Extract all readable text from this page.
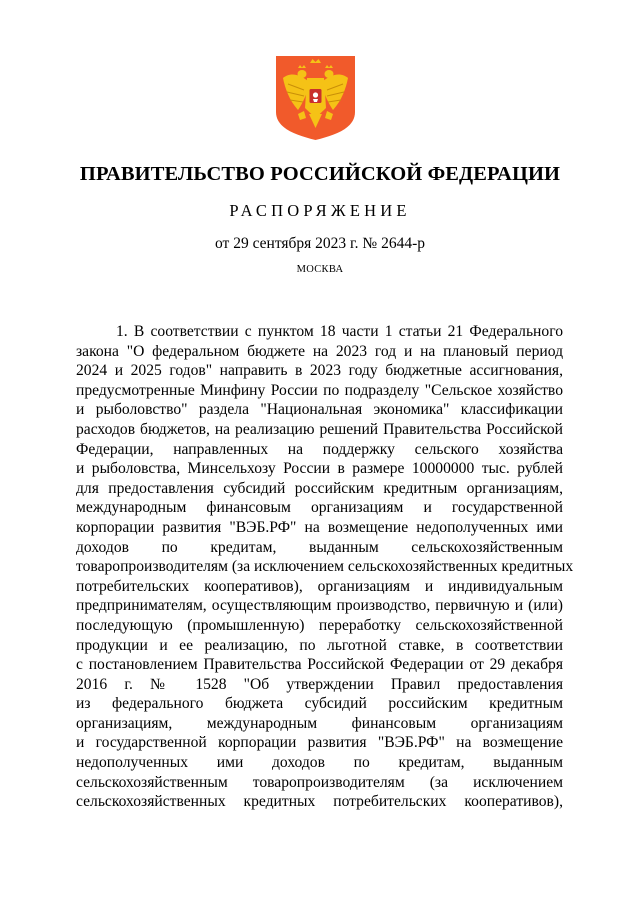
ПРАВИТЕЛЬСТВО РОССИЙСКОЙ ФЕДЕРАЦИИ
РАСПОРЯЖЕНИЕ
от 29 сентября 2023 г. № 2644-р
МОСКВА
1. В соответствии с пунктом 18 части 1 статьи 21 Федерального
закона "О федеральном бюджете на 2023 год и на плановый период
2024 и 2025 годов" направить в 2023 году бюджетные ассигнования,
предусмотренные Минфину России по подразделу "Сельское хозяйство
и рыболовство" раздела "Национальная экономика" классификации
расходов бюджетов, на реализацию решений Правительства Российской
Федерации, направленных на поддержку сельского хозяйства
и рыболовства, Минсельхозу России в размере 10000000 тыс. рублей
для предоставления субсидий российским кредитным организациям,
международным финансовым организациям и государственной
корпорации развития "ВЭБ.РФ" на возмещение недополученных ими
доходов по кредитам, выданным сельскохозяйственным
товаропроизводителям (за исключением сельскохозяйственных кредитных
потребительских кооперативов), организациям и индивидуальным
предпринимателям, осуществляющим производство, первичную и (или)
последующую (промышленную) переработку сельскохозяйственной
продукции и ее реализацию, по льготной ставке, в соответствии
с постановлением Правительства Российской Федерации от 29 декабря
2016 г. № 1528 "Об утверждении Правил предоставления
из федерального бюджета субсидий российским кредитным
организациям, международным финансовым организациям
и государственной корпорации развития "ВЭБ.РФ" на возмещение
недополученных ими доходов по кредитам, выданным
сельскохозяйственным товаропроизводителям (за исключением
сельскохозяйственных кредитных потребительских кооперативов),
